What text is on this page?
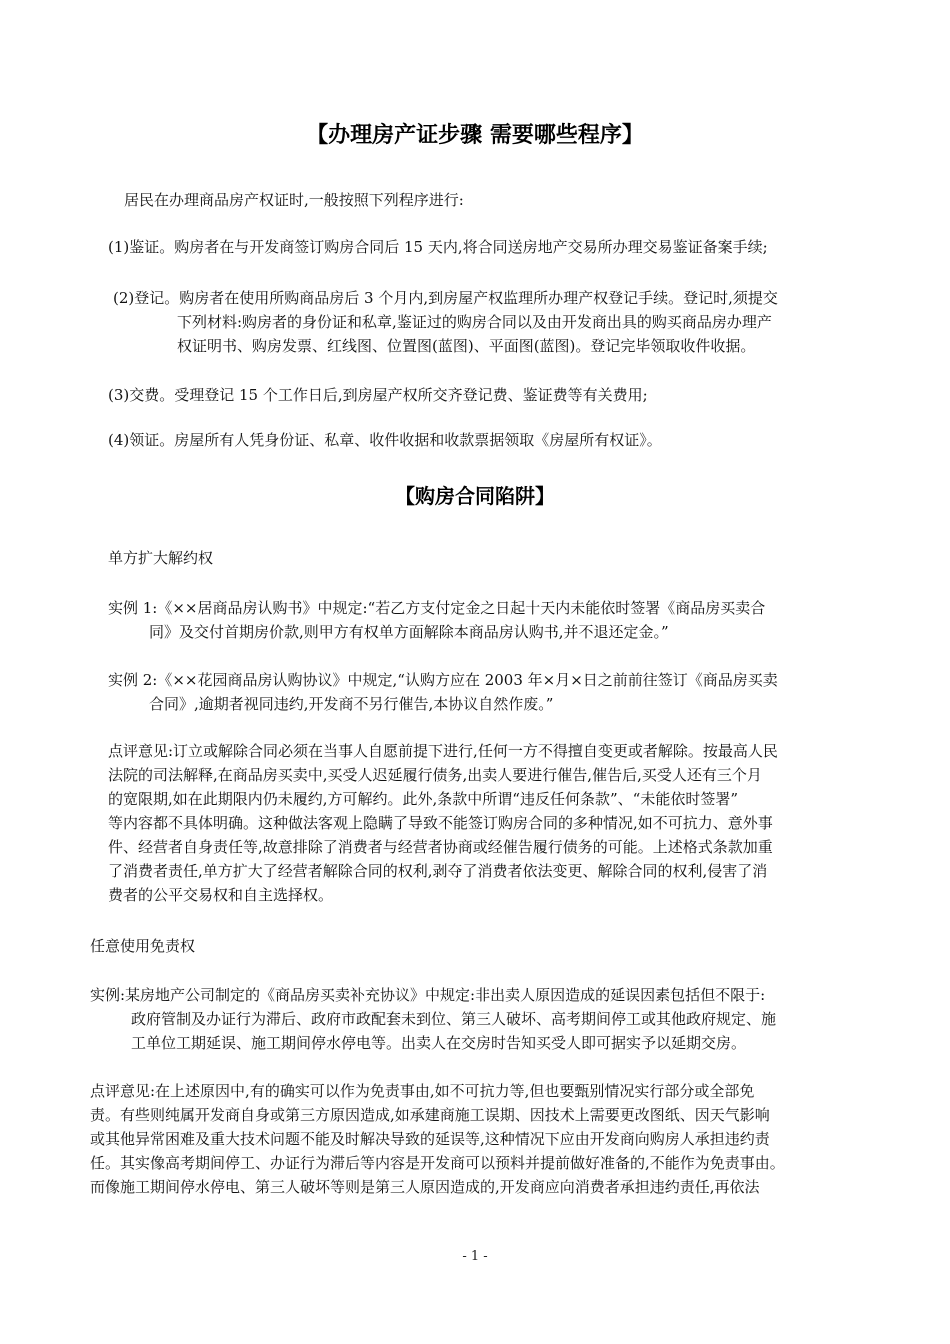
【办理房产证步骤 需要哪些程序】
居民在办理商品房产权证时,一般按照下列程序进行:
(1)鉴证。购房者在与开发商签订购房合同后 15 天内,将合同送房地产交易所办理交易鉴证备案手续;
(2)登记。购房者在使用所购商品房后 3 个月内,到房屋产权监理所办理产权登记手续。登记时,须提交
下列材料:购房者的身份证和私章,鉴证过的购房合同以及由开发商出具的购买商品房办理产
权证明书、购房发票、红线图、位置图(蓝图)、平面图(蓝图)。登记完毕领取收件收据。
(3)交费。受理登记 15 个工作日后,到房屋产权所交齐登记费、鉴证费等有关费用;
(4)领证。房屋所有人凭身份证、私章、收件收据和收款票据领取《房屋所有权证》。
【购房合同陷阱】
单方扩大解约权
实例 1:《××居商品房认购书》中规定:“若乙方支付定金之日起十天内未能依时签署《商品房买卖合
同》及交付首期房价款,则甲方有权单方面解除本商品房认购书,并不退还定金。”
实例 2:《××花园商品房认购协议》中规定,“认购方应在 2003 年×月×日之前前往签订《商品房买卖
合同》,逾期者视同违约,开发商不另行催告,本协议自然作废。”
点评意见:订立或解除合同必须在当事人自愿前提下进行,任何一方不得擅自变更或者解除。按最高人民
法院的司法解释,在商品房买卖中,买受人迟延履行债务,出卖人要进行催告,催告后,买受人还有三个月
的宽限期,如在此期限内仍未履约,方可解约。此外,条款中所谓“违反任何条款”、“未能依时签署”
等内容都不具体明确。这种做法客观上隐瞒了导致不能签订购房合同的多种情况,如不可抗力、意外事
件、经营者自身责任等,故意排除了消费者与经营者协商或经催告履行债务的可能。上述格式条款加重
了消费者责任,单方扩大了经营者解除合同的权利,剥夺了消费者依法变更、解除合同的权利,侵害了消
费者的公平交易权和自主选择权。
任意使用免责权
实例:某房地产公司制定的《商品房买卖补充协议》中规定:非出卖人原因造成的延误因素包括但不限于:
政府管制及办证行为滞后、政府市政配套未到位、第三人破坏、高考期间停工或其他政府规定、施
工单位工期延误、施工期间停水停电等。出卖人在交房时告知买受人即可据实予以延期交房。
点评意见:在上述原因中,有的确实可以作为免责事由,如不可抗力等,但也要甄别情况实行部分或全部免
责。有些则纯属开发商自身或第三方原因造成,如承建商施工误期、因技术上需要更改图纸、因天气影响
或其他异常困难及重大技术问题不能及时解决导致的延误等,这种情况下应由开发商向购房人承担违约责
任。其实像高考期间停工、办证行为滞后等内容是开发商可以预料并提前做好准备的,不能作为免责事由。
而像施工期间停水停电、第三人破坏等则是第三人原因造成的,开发商应向消费者承担违约责任,再依法
- 1 -
